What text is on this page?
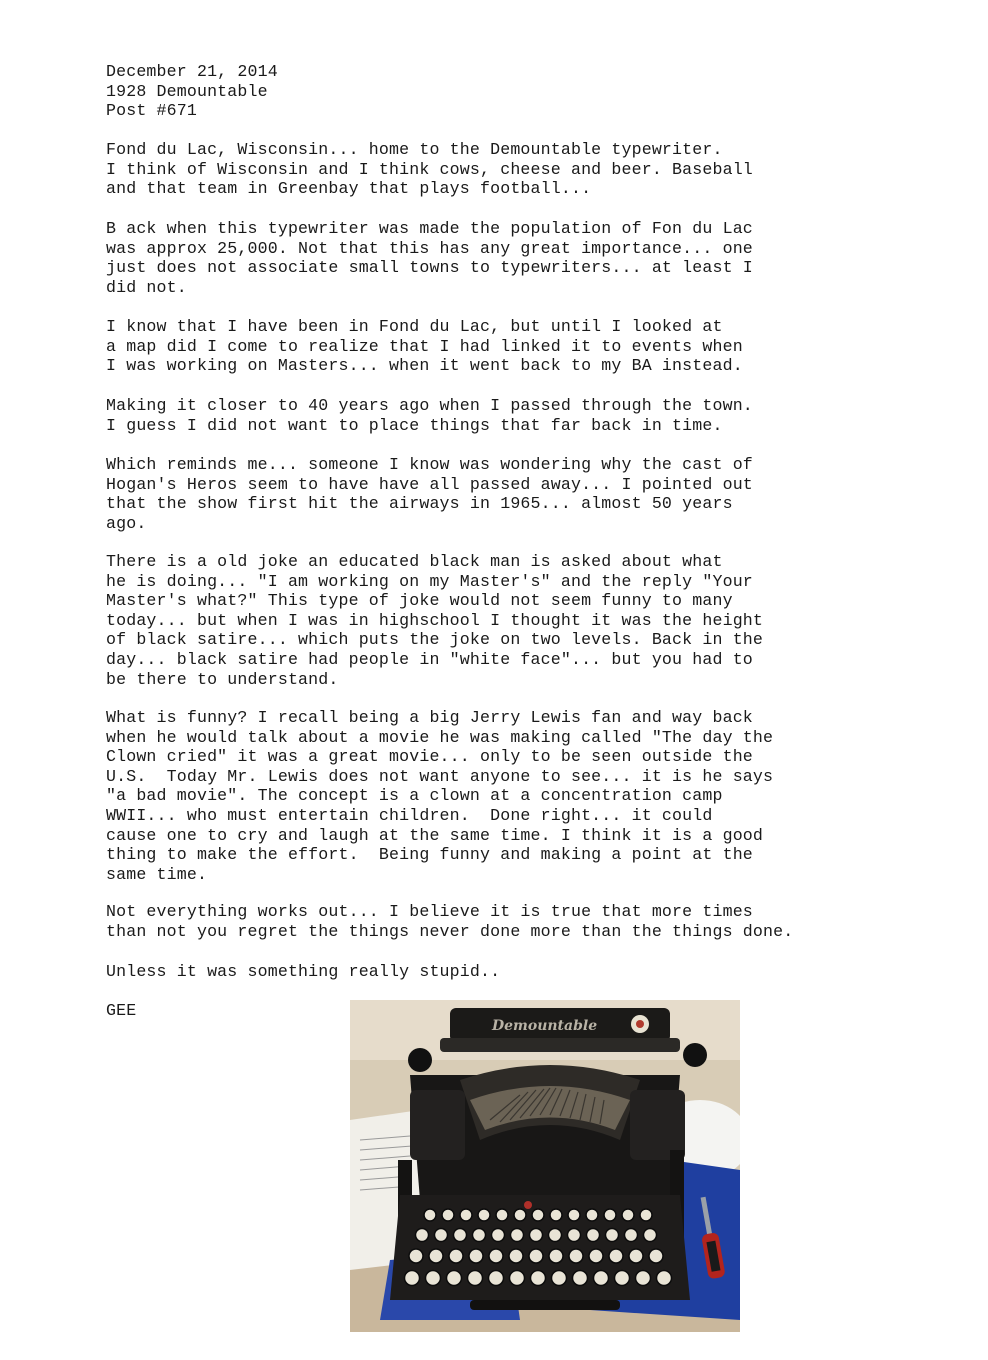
December 21, 2014
1928 Demountable
Post #671
Fond du Lac, Wisconsin... home to the Demountable typewriter.
I think of Wisconsin and I think cows, cheese and beer. Baseball
and that team in Greenbay that plays football...
B ack when this typewriter was made the population of Fon du Lac
was approx 25,000. Not that this has any great importance... one
just does not associate small towns to typewriters... at least I
did not.
I know that I have been in Fond du Lac, but until I looked at
a map did I come to realize that I had linked it to events when
I was working on Masters... when it went back to my BA instead.
Making it closer to 40 years ago when I passed through the town.
I guess I did not want to place things that far back in time.
Which reminds me... someone I know was wondering why the cast of
Hogan's Heros seem to have have all passed away... I pointed out
that the show first hit the airways in 1965... almost 50 years
ago.
There is a old joke an educated black man is asked about what
he is doing... "I am working on my Master's" and the reply "Your
Master's what?" This type of joke would not seem funny to many
today... but when I was in highschool I thought it was the height
of black satire... which puts the joke on two levels. Back in the
day... black satire had people in "white face"... but you had to
be there to understand.
What is funny? I recall being a big Jerry Lewis fan and way back
when he would talk about a movie he was making called "The day the
Clown cried" it was a great movie... only to be seen outside the
U.S.  Today Mr. Lewis does not want anyone to see... it is he says
"a bad movie". The concept is a clown at a concentration camp
WWII... who must entertain children.  Done right... it could
cause one to cry and laugh at the same time. I think it is a good
thing to make the effort.  Being funny and making a point at the
same time.
Not everything works out... I believe it is true that more times
than not you regret the things never done more than the things done.
Unless it was something really stupid..
GEE
Demountable
